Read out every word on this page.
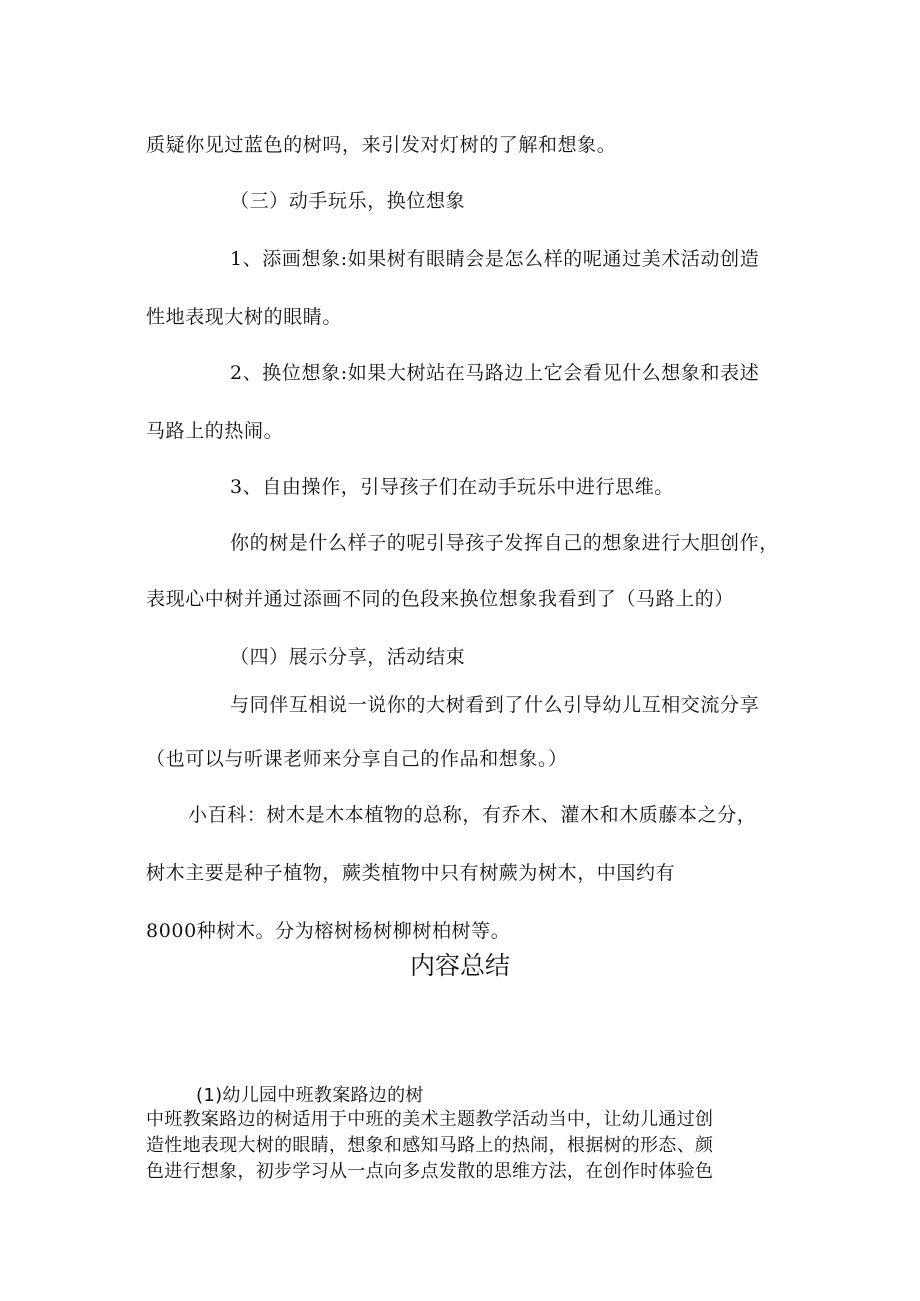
质疑你见过蓝色的树吗，来引发对灯树的了解和想象。
（三）动手玩乐，换位想象
1、添画想象:如果树有眼睛会是怎么样的呢通过美术活动创造
性地表现大树的眼睛。
2、换位想象:如果大树站在马路边上它会看见什么想象和表述
马路上的热闹。
3、自由操作，引导孩子们在动手玩乐中进行思维。
你的树是什么样子的呢引导孩子发挥自己的想象进行大胆创作，
表现心中树并通过添画不同的色段来换位想象我看到了（马路上的）
（四）展示分享，活动结束
与同伴互相说一说你的大树看到了什么引导幼儿互相交流分享
（也可以与听课老师来分享自己的作品和想象。）
小百科：树木是木本植物的总称，有乔木、灌木和木质藤本之分，
树木主要是种子植物，蕨类植物中只有树蕨为树木，中国约有
8000种树木。分为榕树杨树柳树柏树等。
内容总结
(1)幼儿园中班教案路边的树
中班教案路边的树适用于中班的美术主题教学活动当中，让幼儿通过创
造性地表现大树的眼睛，想象和感知马路上的热闹，根据树的形态、颜
色进行想象，初步学习从一点向多点发散的思维方法，在创作时体验色
